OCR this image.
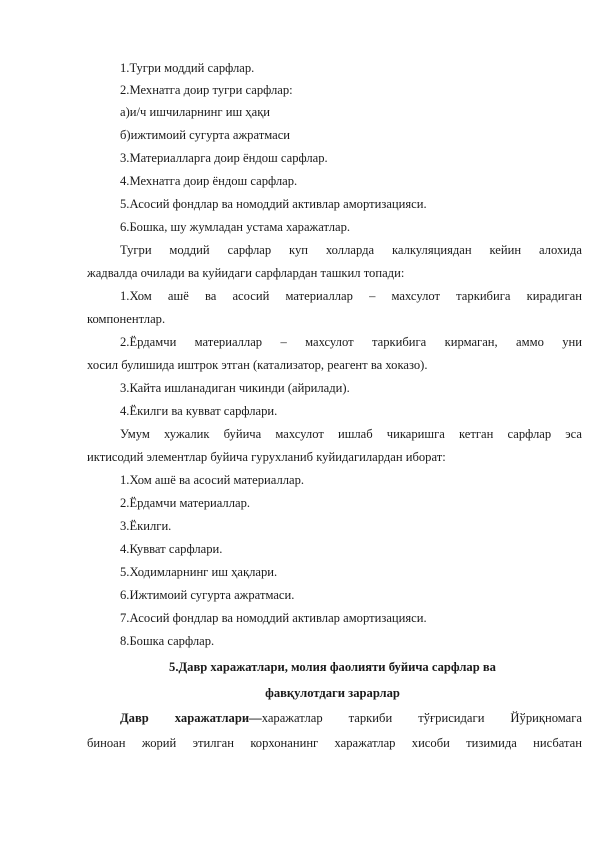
1.Тугри моддий сарфлар.
2.Мехнатга доир тугри сарфлар:
а)и/ч ишчиларнинг иш ҳақи
б)ижтимоий сугурта ажратмаси
3.Материалларга доир ёндош сарфлар.
4.Мехнатга доир ёндош сарфлар.
5.Асосий фондлар ва номоддий активлар амортизацияси.
6.Бошка, шу жумладан устама харажатлар.
Тугри моддий сарфлар куп холларда калкуляциядан кейин алохида
жадвалда очилади ва куйидаги сарфлардан ташкил топади:
1.Хом ашё ва асосий материаллар – махсулот таркибига кирадиган
компонентлар.
2.Ёрдамчи материаллар – махсулот таркибига кирмаган, аммо уни
хосил булишида иштрок этган (катализатор, реагент ва хоказо).
3.Кайта ишланадиган чикинди (айрилади).
4.Ёкилги ва кувват сарфлари.
Умум хужалик буйича махсулот ишлаб чикаришга кетган сарфлар эса
иктисодий элементлар буйича гурухланиб куйидагилардан иборат:
1.Хом ашё ва асосий материаллар.
2.Ёрдамчи материаллар.
3.Ёкилги.
4.Кувват сарфлари.
5.Ходимларнинг иш ҳақлари.
6.Ижтимоий сугурта ажратмаси.
7.Асосий фондлар ва номоддий активлар амортизацияси.
8.Бошка сарфлар.
5.Давр харажатлари, молия фаолияти буйича сарфлар ва
фавқулотдаги зарарлар
Давр харажатлари—харажатлар таркиби тўғрисидаги Йўриқномага
биноан жорий этилган корхонанинг харажатлар хисоби тизимида нисбатан
